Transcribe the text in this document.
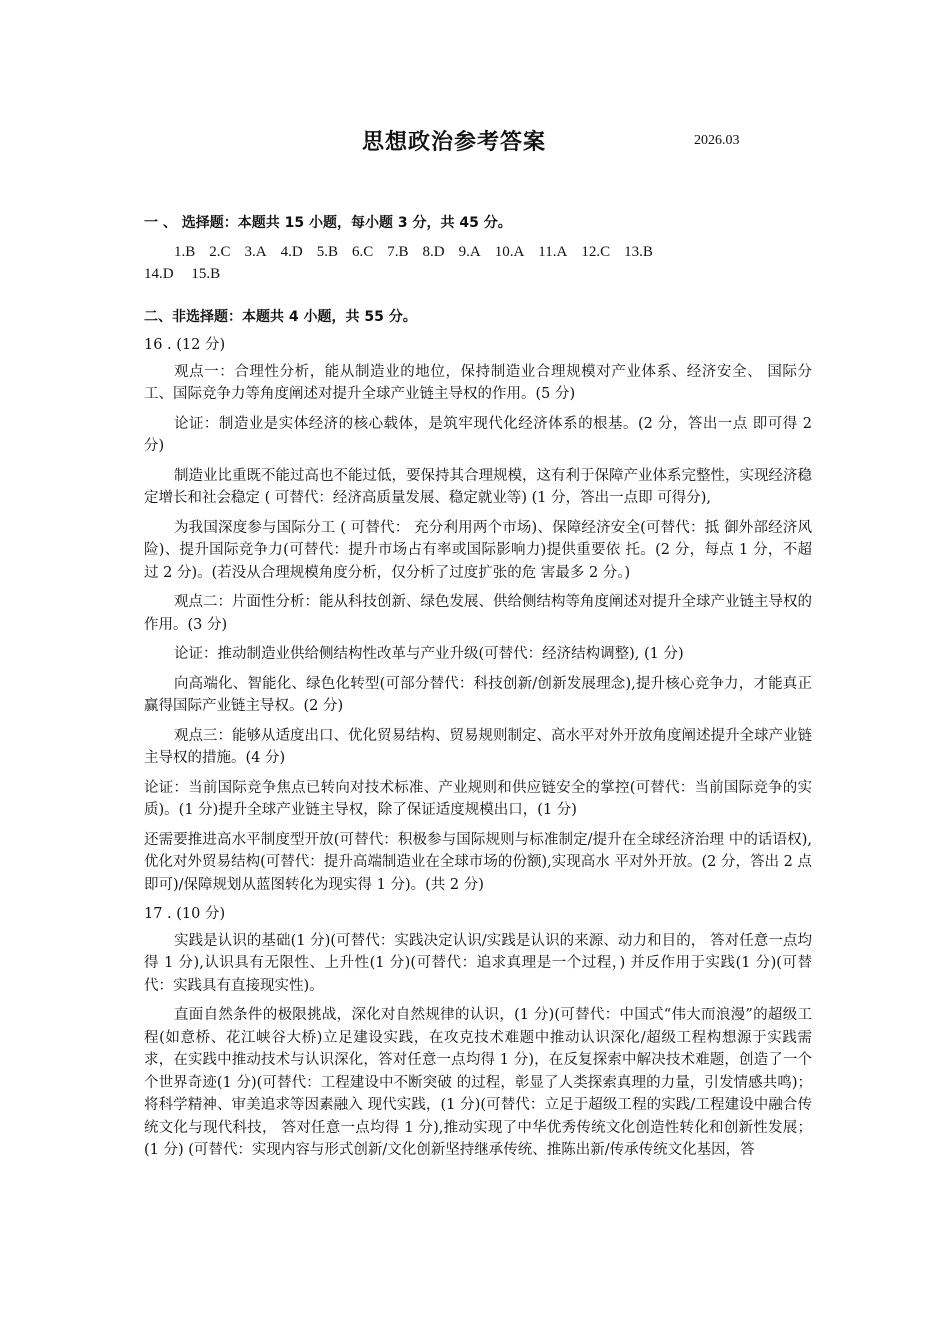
思想政治参考答案	2026.03
一 、 选择题：本题共 15 小题，每小题 3 分，共 45 分。
1.B 2.C 3.A 4.D 5.B 6.C 7.B 8.D 9.A 10.A 11.A 12.C 13.B
14.D 15.B
二、非选择题：本题共 4 小题，共 55 分。
16 . (12 分)

观点一：合理性分析，能从制造业的地位，保持制造业合理规模对产业体系、经济安全、 国际分工、国际竞争力等角度阐述对提升全球产业链主导权的作用。(5 分)

论证：制造业是实体经济的核心载体，是筑牢现代化经济体系的根基。(2 分，答出一点 即可得 2 分)

制造业比重既不能过高也不能过低，要保持其合理规模，这有利于保障产业体系完整性，实现经济稳定增长和社会稳定 ( 可替代：经济高质量发展、稳定就业等) (1 分，答出一点即 可得分),

为我国深度参与国际分工 ( 可替代： 充分利用两个市场)、保障经济安全(可替代：抵 御外部经济风险)、提升国际竞争力(可替代：提升市场占有率或国际影响力)提供重要依 托。(2 分，每点 1 分，不超过 2 分)。(若没从合理规模角度分析，仅分析了过度扩张的危 害最多 2 分。)

观点二：片面性分析：能从科技创新、绿色发展、供给侧结构等角度阐述对提升全球产业链主导权的作用。(3 分)

论证：推动制造业供给侧结构性改革与产业升级(可替代：经济结构调整), (1 分)

向高端化、智能化、绿色化转型(可部分替代：科技创新/创新发展理念),提升核心竞争力，才能真正赢得国际产业链主导权。(2 分)

观点三：能够从适度出口、优化贸易结构、贸易规则制定、高水平对外开放角度阐述提升全球产业链主导权的措施。(4 分)

论证：当前国际竞争焦点已转向对技术标准、产业规则和供应链安全的掌控(可替代：当前国际竞争的实质)。(1 分)提升全球产业链主导权，除了保证适度规模出口，(1 分)

还需要推进高水平制度型开放(可替代：积极参与国际规则与标准制定/提升在全球经济治理 中的话语权),优化对外贸易结构(可替代：提升高端制造业在全球市场的份额),实现高水 平对外开放。(2 分，答出 2 点即可)/保障规划从蓝图转化为现实得 1 分)。(共 2 分)

17 . (10 分)

实践是认识的基础(1 分)(可替代：实践决定认识/实践是认识的来源、动力和目的， 答对任意一点均得 1 分),认识具有无限性、上升性(1 分)(可替代：追求真理是一个过程，) 并反作用于实践(1 分)(可替代：实践具有直接现实性)。

直面自然条件的极限挑战，深化对自然规律的认识，(1 分)(可替代：中国式“伟大而浪漫”的超级工程(如意桥、花江峡谷大桥)立足建设实践，在攻克技术难题中推动认识深化/超级工程构想源于实践需求，在实践中推动技术与认识深化，答对任意一点均得 1 分)，在反复探索中解决技术难题，创造了一个个世界奇迹(1 分)(可替代：工程建设中不断突破 的过程，彰显了人类探索真理的力量，引发情感共鸣)；将科学精神、审美追求等因素融入 现代实践，(1 分)(可替代：立足于超级工程的实践/工程建设中融合传统文化与现代科技， 答对任意一点均得 1 分),推动实现了中华优秀传统文化创造性转化和创新性发展；(1 分) (可替代：实现内容与形式创新/文化创新坚持继承传统、推陈出新/传承传统文化基因，答
